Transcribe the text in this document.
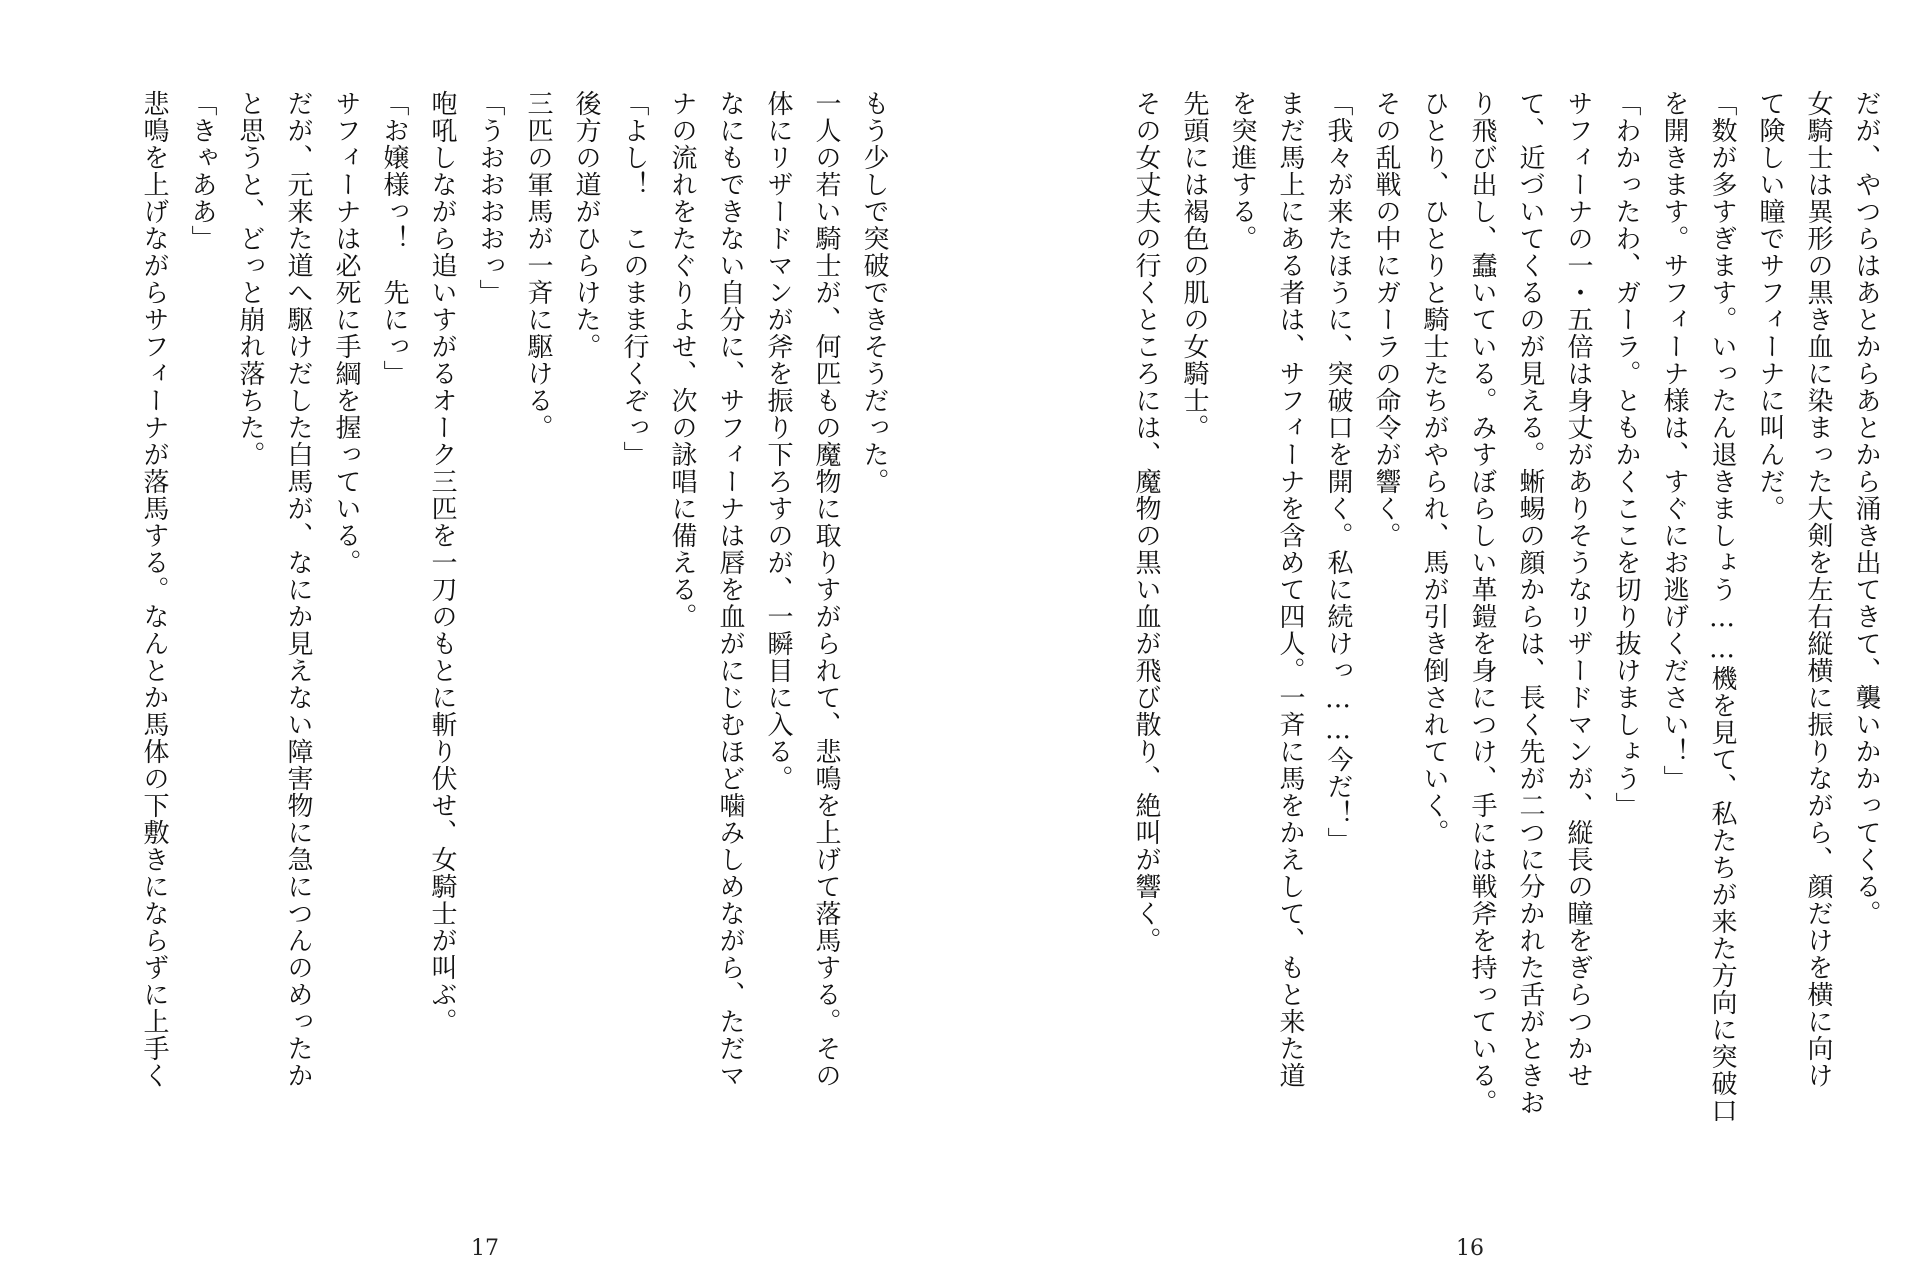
だが、やつらはあとからあとから涌き出てきて、襲いかかってくる。
女騎士は異形の黒き血に染まった大剣を左右縦横に振りながら、顔だけを横に向け
て険しい瞳でサフィーナに叫んだ。
「数が多すぎます。いったん退きましょう……機を見て、私たちが来た方向に突破口
を開きます。サフィーナ様は、すぐにお逃げください！」
「わかったわ、ガーラ。ともかくここを切り抜けましょう」
サフィーナの一・五倍は身丈がありそうなリザードマンが、縦長の瞳をぎらつかせ
て、近づいてくるのが見える。蜥蜴の顔からは、長く先が二つに分かれた舌がときお
り飛び出し、蠢いている。みすぼらしい革鎧を身につけ、手には戦斧を持っている。
ひとり、ひとりと騎士たちがやられ、馬が引き倒されていく。
その乱戦の中にガーラの命令が響く。
「我々が来たほうに、突破口を開く。私に続けっ……今だ！」
まだ馬上にある者は、サフィーナを含めて四人。一斉に馬をかえして、もと来た道
を突進する。
先頭には褐色の肌の女騎士。
その女丈夫の行くところには、魔物の黒い血が飛び散り、絶叫が響く。
16
もう少しで突破できそうだった。
一人の若い騎士が、何匹もの魔物に取りすがられて、悲鳴を上げて落馬する。その
体にリザードマンが斧を振り下ろすのが、一瞬目に入る。
なにもできない自分に、サフィーナは唇を血がにじむほど噛みしめながら、ただマ
ナの流れをたぐりよせ、次の詠唱に備える。
「よし！　このまま行くぞっ」
後方の道がひらけた。
三匹の軍馬が一斉に駆ける。
「うおおおおっ」
咆吼しながら追いすがるオーク三匹を一刀のもとに斬り伏せ、女騎士が叫ぶ。
「お嬢様っ！　先にっ」
サフィーナは必死に手綱を握っている。
だが、元来た道へ駆けだした白馬が、なにか見えない障害物に急につんのめったか
と思うと、どっと崩れ落ちた。
「きゃああ」
悲鳴を上げながらサフィーナが落馬する。なんとか馬体の下敷きにならずに上手く
17
